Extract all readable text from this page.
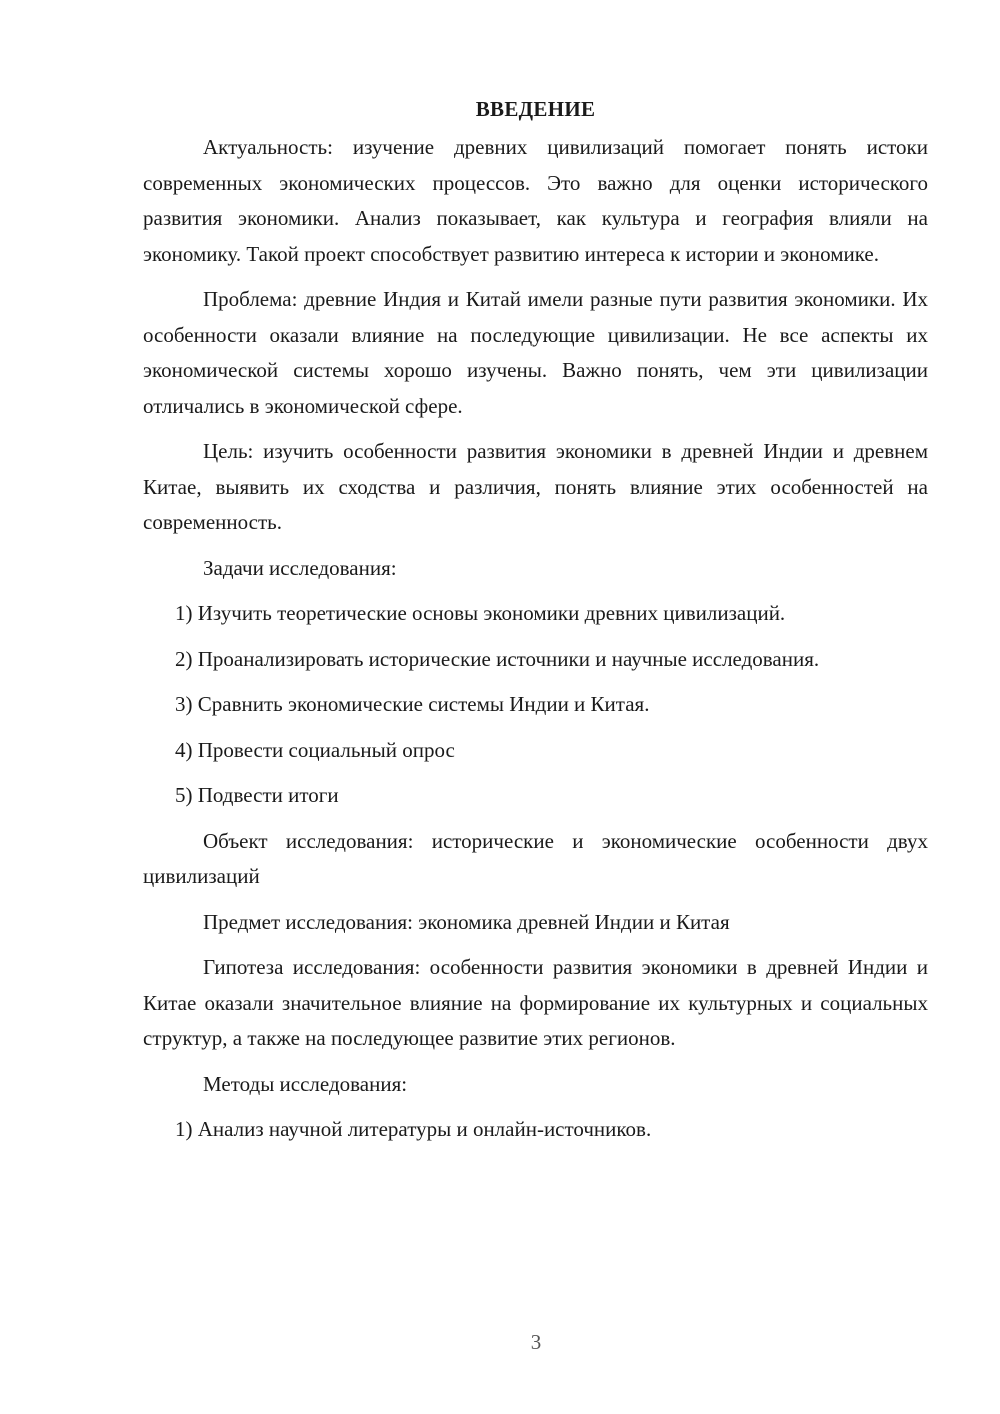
ВВЕДЕНИЕ

Актуальность: изучение древних цивилизаций помогает понять истоки современных экономических процессов. Это важно для оценки исторического развития экономики. Анализ показывает, как культура и география влияли на экономику. Такой проект способствует развитию интереса к истории и экономике.

Проблема: древние Индия и Китай имели разные пути развития экономики. Их особенности оказали влияние на последующие цивилизации. Не все аспекты их экономической системы хорошо изучены. Важно понять, чем эти цивилизации отличались в экономической сфере.

Цель: изучить особенности развития экономики в древней Индии и древнем Китае, выявить их сходства и различия, понять влияние этих особенностей на современность.

Задачи исследования:

1) Изучить теоретические основы экономики древних цивилизаций.

2) Проанализировать исторические источники и научные исследования.

3) Сравнить экономические системы Индии и Китая.

4) Провести социальный опрос

5) Подвести итоги

Объект исследования: исторические и экономические особенности двух цивилизаций

Предмет исследования: экономика древней Индии и Китая

Гипотеза исследования: особенности развития экономики в древней Индии и Китае оказали значительное влияние на формирование их культурных и социальных структур, а также на последующее развитие этих регионов.

Методы исследования:

1) Анализ научной литературы и онлайн-источников.

3
